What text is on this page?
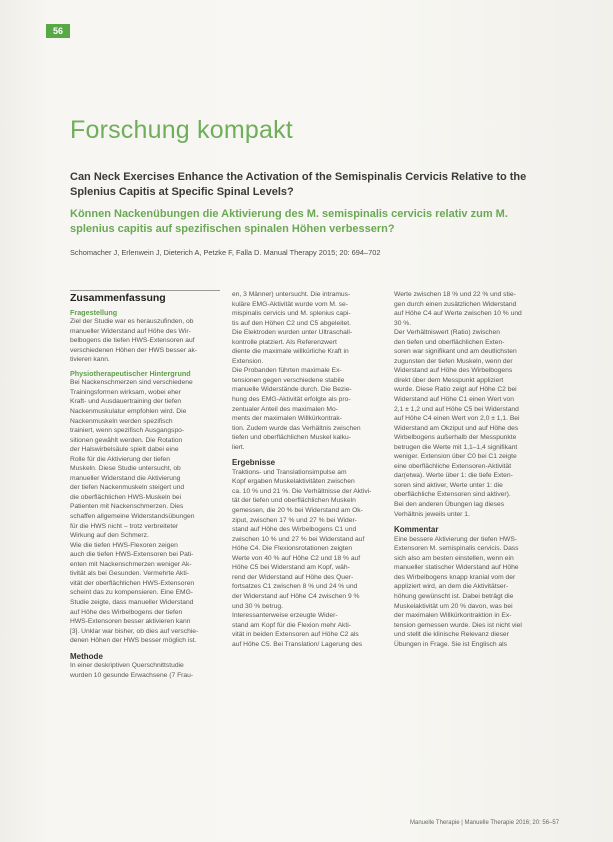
56
Forschung kompakt
Can Neck Exercises Enhance the Activation of the Semispinalis Cervicis Relative to the Splenius Capitis at Specific Spinal Levels?
Können Nackenübungen die Aktivierung des M. semispinalis cervicis relativ zum M. splenius capitis auf spezifischen spinalen Höhen verbessern?
Schomacher J, Erlenwein J, Dieterich A, Petzke F, Falla D. Manual Therapy 2015; 20: 694–702
Zusammenfassung
Fragestellung
Ziel der Studie war es herauszufinden, ob
manueller Widerstand auf Höhe des Wir-
belbogens die tiefen HWS-Extensoren auf
verschiedenen Höhen der HWS besser ak-
tivieren kann.
Physiotherapeutischer Hintergrund
Bei Nackenschmerzen sind verschiedene
Trainingsformen wirksam, wobei eher
Kraft- und Ausdauertraining der tiefen
Nackenmuskulatur empfohlen wird. Die
Nackenmuskeln werden spezifisch
trainiert, wenn spezifisch Ausgangspo-
sitionen gewählt werden. Die Rotation
der Halswirbelsäule spielt dabei eine
Rolle für die Aktivierung der tiefen
Muskeln. Diese Studie untersucht, ob
manueller Widerstand die Aktivierung
der tiefen Nackenmuskeln steigert und
die oberflächlichen HWS-Muskeln bei
Patienten mit Nackenschmerzen. Dies
schaffen allgemeine Widerstandsübungen
für die HWS nicht – trotz verbreiteter
Wirkung auf den Schmerz.
Wie die tiefen HWS-Flexoren zeigen
auch die tiefen HWS-Extensoren bei Pati-
enten mit Nackenschmerzen weniger Ak-
tivität als bei Gesunden. Vermehrte Akti-
vität der oberflächlichen HWS-Extensoren
scheint das zu kompensieren. Eine EMG-
Studie zeigte, dass manueller Widerstand
auf Höhe des Wirbelbogens der tiefen
HWS-Extensoren besser aktivieren kann
[3]. Unklar war bisher, ob dies auf verschie-
denen Höhen der HWS besser möglich ist.
Methode
In einer deskriptiven Querschnittstudie
wurden 10 gesunde Erwachsene (7 Frau-
en, 3 Männer) untersucht. Die intramus-
kuläre EMG-Aktivität wurde vom M. se-
mispinalis cervicis und M. splenius capi-
tis auf den Höhen C2 und C5 abgeleitet.
Die Elektroden wurden unter Ultraschall-
kontrolle platziert. Als Referenzwert
diente die maximale willkürliche Kraft in
Extension.
Die Probanden führten maximale Ex-
tensionen gegen verschiedene stabile
manuelle Widerstände durch. Die Bezie-
hung des EMG-Aktivität erfolgte als pro-
zentualer Anteil des maximalen Mo-
ments der maximalen Willkürkontrak-
tion. Zudem wurde das Verhältnis zwischen
tiefen und oberflächlichen Muskel kalku-
liert.
Ergebnisse
Traktions- und Translationsimpulse am
Kopf ergaben Muskelaktivitäten zwischen
ca. 10 % und 21 %. Die Verhältnisse der Aktivi-
tät der tiefen und oberflächlichen Muskeln
gemessen, die 20 % bei Widerstand am Ok-
ziput, zwischen 17 % und 27 % bei Wider-
stand auf Höhe des Wirbelbogens C1 und
zwischen 10 % und 27 % bei Widerstand auf
Höhe C4. Die Flexionsrotationen zeigten
Werte von 40 % auf Höhe C2 und 18 % auf
Höhe C5 bei Widerstand am Kopf, wäh-
rend der Widerstand auf Höhe des Quer-
fortsatzes C1 zwischen 8 % und 24 % und
der Widerstand auf Höhe C4 zwischen 9 %
und 30 % betrug.
Interessanterweise erzeugte Wider-
stand am Kopf für die Flexion mehr Akti-
vität in beiden Extensoren auf Höhe C2 als
auf Höhe C5. Bei Translation/ Lagerung des
Werte zwischen 18 % und 22 % und stie-
gen durch einen zusätzlichen Widerstand
auf Höhe C4 auf Werte zwischen 10 % und
30 %.
Der Verhältniswert (Ratio) zwischen
den tiefen und oberflächlichen Exten-
soren war signifikant und am deutlichsten
zugunsten der tiefen Muskeln, wenn der
Widerstand auf Höhe des Wirbelbogens
direkt über dem Messpunkt appliziert
wurde. Diese Ratio zeigt auf Höhe C2 bei
Widerstand auf Höhe C1 einen Wert von
2,1 ± 1,2 und auf Höhe C5 bei Widerstand
auf Höhe C4 einen Wert von 2,0 ± 1,1. Bei
Widerstand am Okziput und auf Höhe des
Wirbelbogens außerhalb der Messpunkte
betrugen die Werte mit 1,1–1,4 signifikant
weniger. Extension über C0 bei C1 zeigte
eine oberflächliche Extensoren-Aktivität
dar(etwa). Werte über 1: die tiefe Exten-
soren sind aktiver, Werte unter 1: die
oberflächliche Extensoren sind aktiver).
Bei den anderen Übungen lag dieses
Verhältnis jeweils unter 1.
Kommentar
Eine bessere Aktivierung der tiefen HWS-
Extensoren M. semispinalis cervicis. Dass
sich also am besten einstellen, wenn ein
manueller statischer Widerstand auf Höhe
des Wirbelbogens knapp kranial vom der
appliziert wird, an dem die Aktivitätser-
höhung gewünscht ist. Dabei beträgt die
Muskelaktivität um 20 % davon, was bei
der maximalen Willkürkontraktion in Ex-
tension gemessen wurde. Dies ist nicht viel
und stellt die klinische Relevanz dieser
Übungen in Frage. Sie ist Englisch als
Manuelle Therapie | Manuelle Therapie 2016; 20: 56–57
